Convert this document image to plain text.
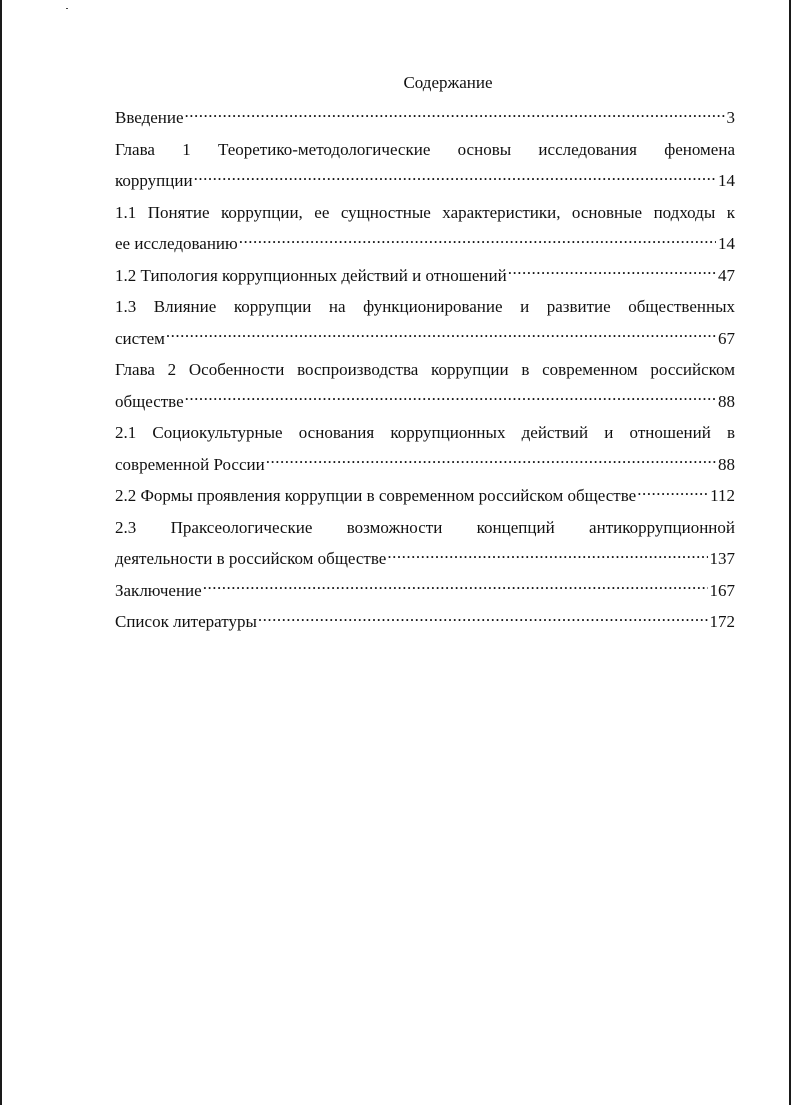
Содержание
Введение .....	3
Глава 1 Теоретико-методологические основы исследования феномена
коррупции .....	14
1.1 Понятие коррупции, ее сущностные характеристики, основные подходы к
ее исследованию .....	14
1.2 Типология коррупционных действий и отношений .....	47
1.3 Влияние коррупции на функционирование и развитие общественных
систем .....	67
Глава 2 Особенности воспроизводства коррупции в современном российском
обществе .....	88
2.1 Социокультурные основания коррупционных действий и отношений в
современной России .....	88
2.2 Формы проявления коррупции в современном российском обществе .....	112
2.3 Праксеологические возможности концепций антикоррупционной
деятельности в российском обществе .....	137
Заключение .....	167
Список литературы .....	172
